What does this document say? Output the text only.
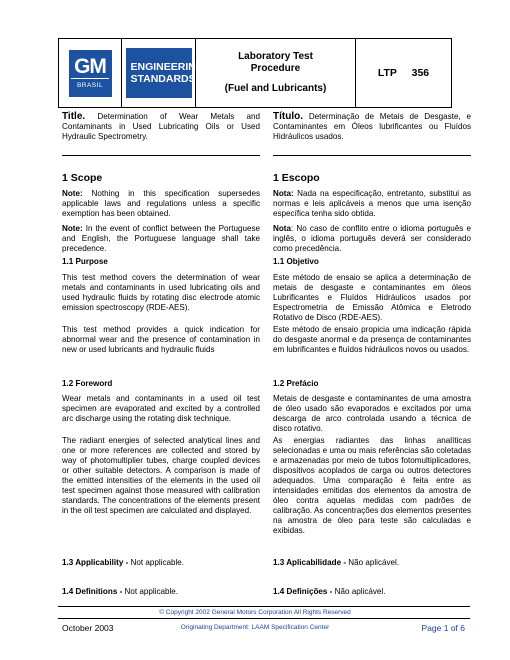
GM
BRASIL
ENGINEERING
STANDARDS
Laboratory Test
Procedure
(Fuel and Lubricants)
LTP 356
Title. Determination of Wear Metals and Contaminants in Used Lubricating Oils or Used Hydraulic Spectrometry.
Título. Determinação de Metais de Desgaste, e Contaminantes em Óleos lubrificantes ou Fluídos Hidráulicos usados.
1 Scope
Note: Nothing in this specification supersedes applicable laws and regulations unless a specific exemption has been obtained.
Note: In the event of conflict between the Portuguese and English, the Portuguese language shall take precedence.
1.1 Purpose
This test method covers the determination of wear metals and contaminants in used lubricating oils and used hydraulic fluids by rotating disc electrode atomic emission spectroscopy (RDE-AES).
This test method provides a quick indication for abnormal wear and the presence of contamination in new or used lubricants and hydraulic fluids
1.2 Foreword
Wear metals and contaminants in a used oil test specimen are evaporated and excited by a controlled arc discharge using the rotating disk technique.
The radiant energies of selected analytical lines and one or more references are collected and stored by way of photomultiplier tubes, charge coupled devices or other suitable detectors. A comparison is made of the emitted intensities of the elements in the used oil test specimen against those measured with calibration standards. The concentrations of the elements present in the oil test specimen are calculated and displayed.
1.3 Applicability - Not applicable.
1.4 Definitions - Not applicable.
1 Escopo
Nota: Nada na especificação, entretanto, substitui as normas e leis aplicáveis a menos que uma isenção específica tenha sido obtida.
Nota: No caso de conflito entre o idioma português e inglês, o idioma português deverá ser considerado como precedência.
1.1 Objetivo
Este método de ensaio se aplica a determinação de metais de desgaste e contaminantes em óleos Lubrificantes e Fluídos Hidráulicos usados por Espectrometria de Emissão Atômica e Eletrodo Rotativo de Disco (RDE-AES).
Este método de ensaio propicia uma indicação rápida do desgaste anormal e da presença de contaminantes em lubrificantes e fluídos hidráulicos novos ou usados.
1.2 Prefácio
Metais de desgaste e contaminantes de uma amostra de óleo usado são evaporados e excitados por uma descarga de arco controlada usando a técnica de disco rotativo.
As energias radiantes das linhas analíticas selecionadas e uma ou mais referências são coletadas e armazenadas por meio de tubos fotomultiplicadores, dispositivos acoplados de carga ou outros detectores adequados. Uma comparação é feita entre as intensidades emitidas dos elementos da amostra de óleo contra aquelas medidas com padrões de calibração. As concentrações dos elementos presentes na amostra de óleo para teste são calculadas e exibidas.
1.3 Aplicabilidade - Não aplicável.
1.4 Definições - Não aplicável.
© Copyright 2002 General Motors Corporation All Rights Reserved
October 2003	Originating Department: LAAM Specification Center	Page 1 of 6
